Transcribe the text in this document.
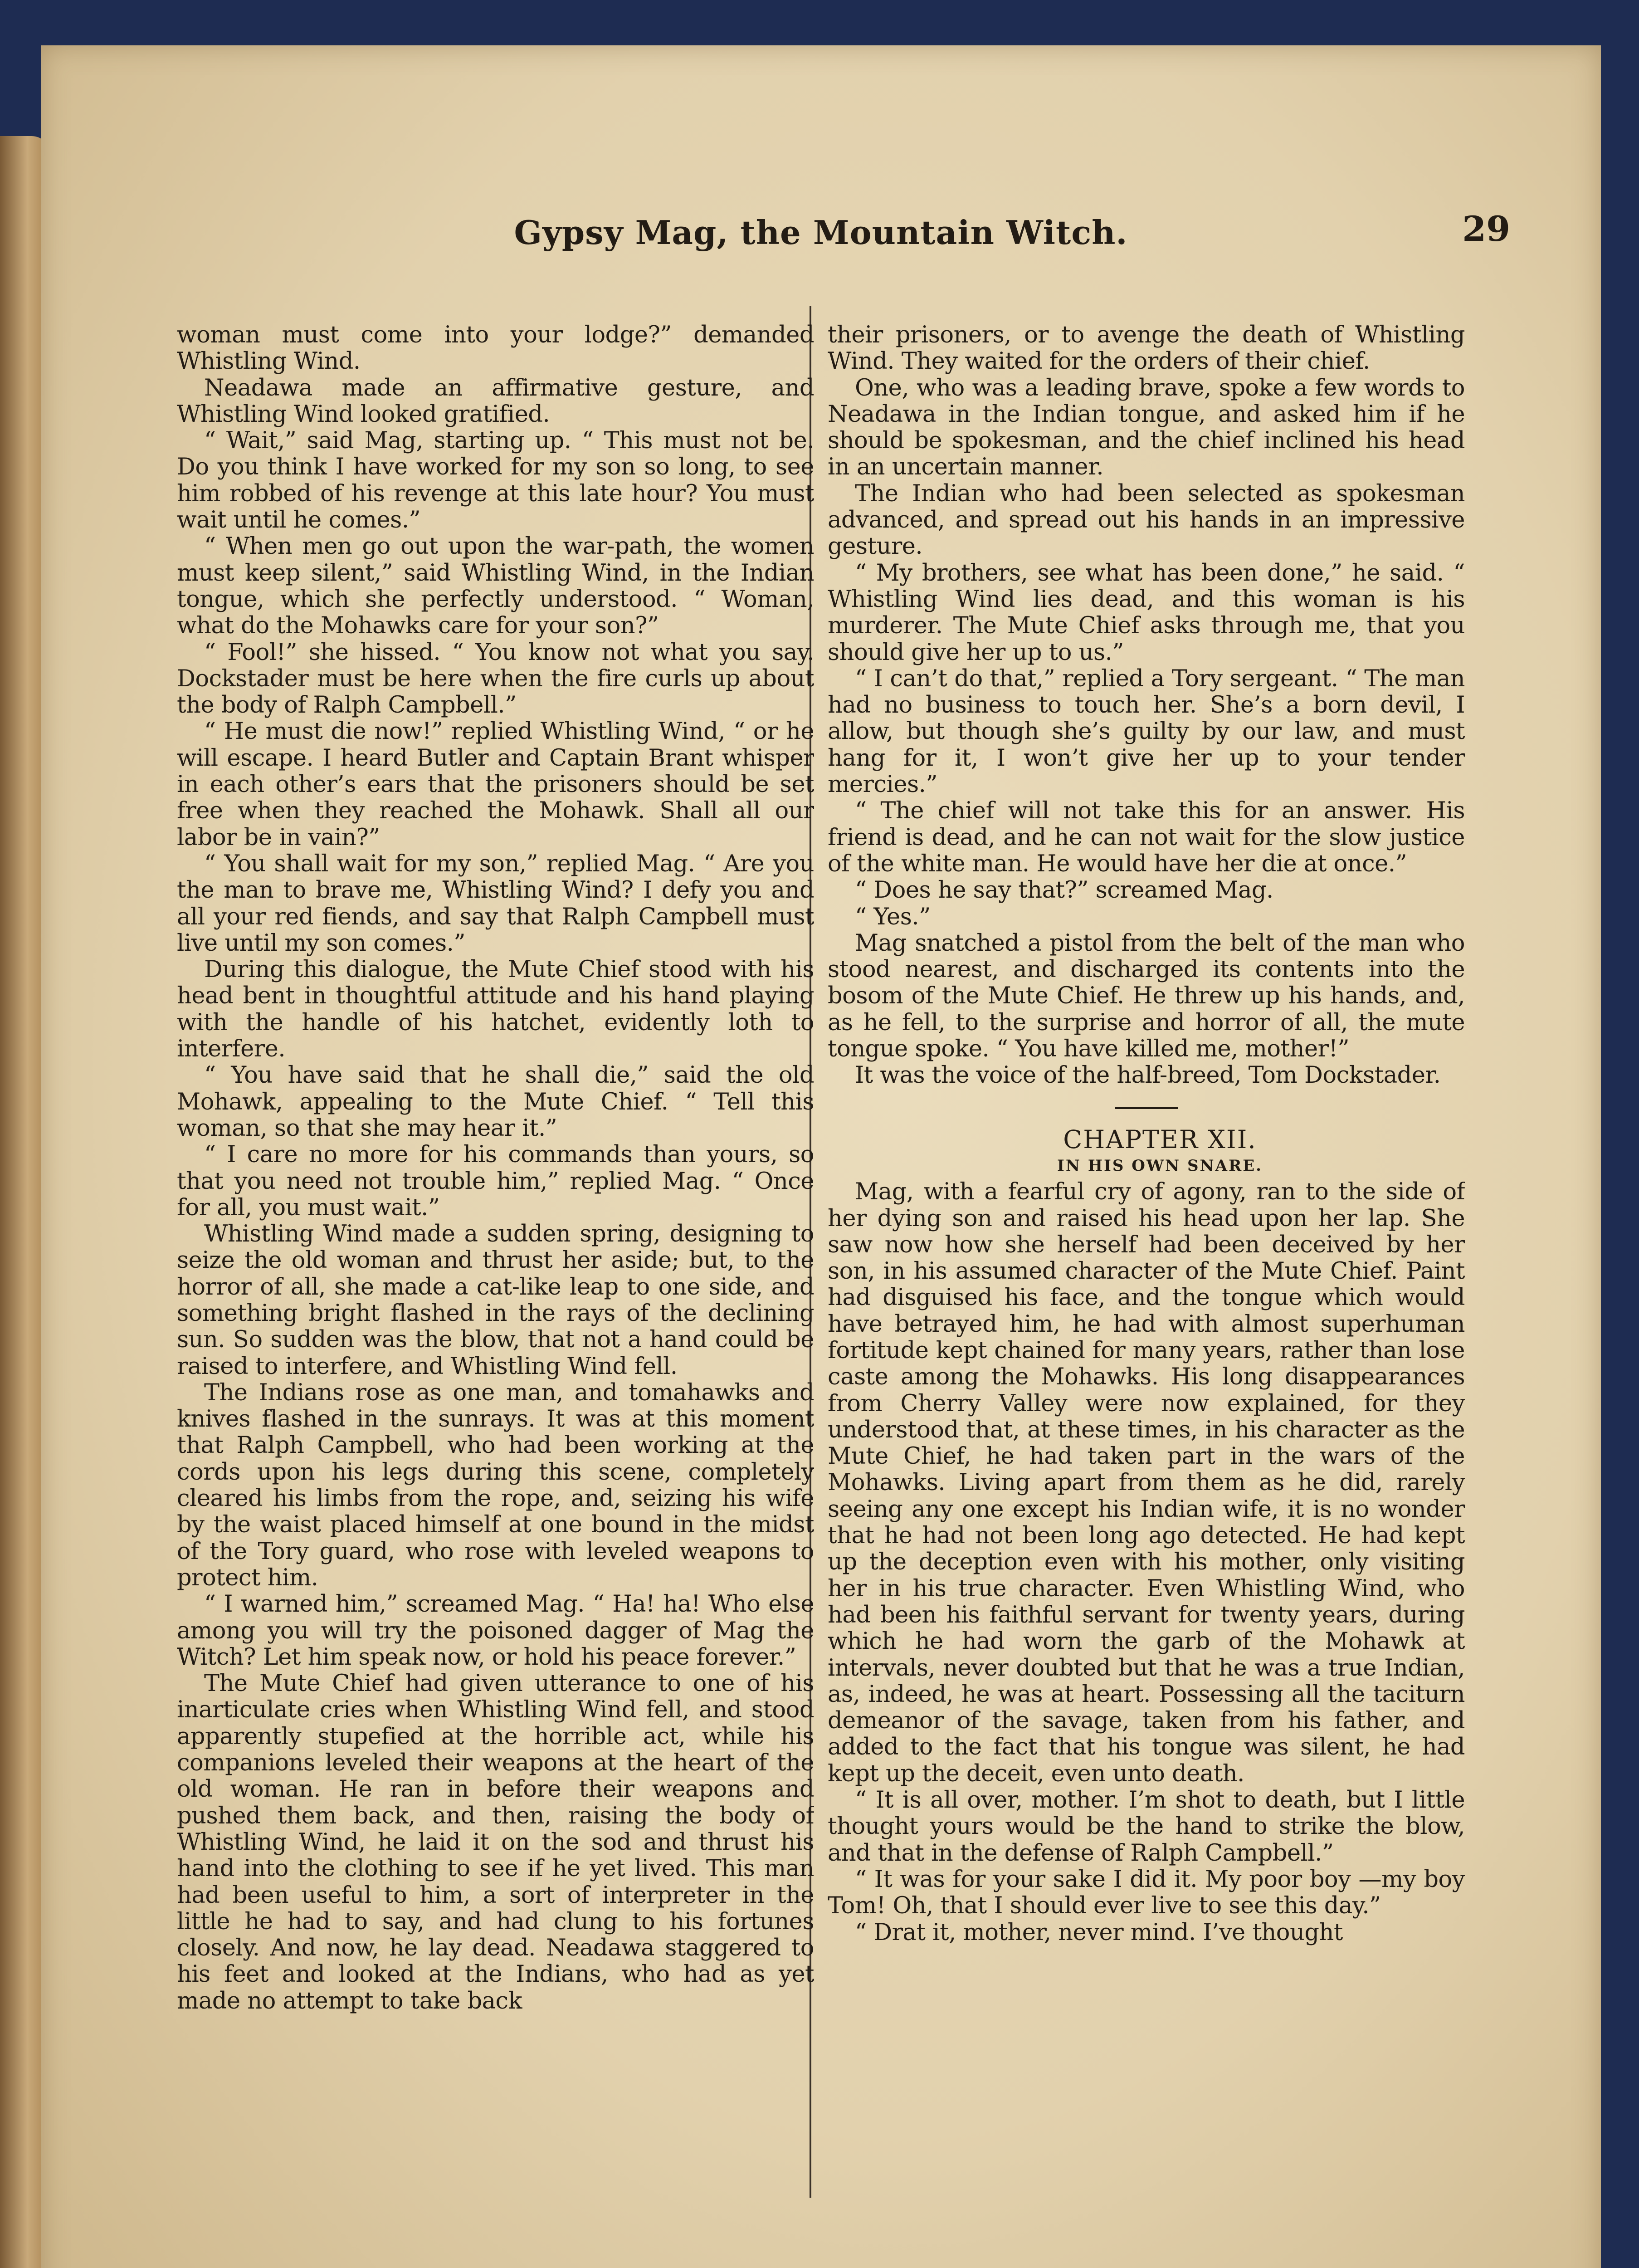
Gypsy Mag, the Mountain Witch.	29

woman must come into your lodge?” demanded Whistling Wind.

Neadawa made an affirmative gesture, and Whistling Wind looked gratified.

“ Wait,” said Mag, starting up. “ This must not be. Do you think I have worked for my son so long, to see him robbed of his revenge at this late hour? You must wait until he comes.”

“ When men go out upon the war-path, the women must keep silent,” said Whistling Wind, in the Indian tongue, which she perfectly understood. “ Woman, what do the Mohawks care for your son?”

“ Fool!” she hissed. “ You know not what you say. Dockstader must be here when the fire curls up about the body of Ralph Campbell.”

“ He must die now!” replied Whistling Wind, “ or he will escape. I heard Butler and Captain Brant whisper in each other’s ears that the prisoners should be set free when they reached the Mohawk. Shall all our labor be in vain?”

“ You shall wait for my son,” replied Mag. “ Are you the man to brave me, Whistling Wind? I defy you and all your red fiends, and say that Ralph Campbell must live until my son comes.”

During this dialogue, the Mute Chief stood with his head bent in thoughtful attitude and his hand playing with the handle of his hatchet, evidently loth to interfere.

“ You have said that he shall die,” said the old Mohawk, appealing to the Mute Chief. “ Tell this woman, so that she may hear it.”

“ I care no more for his commands than yours, so that you need not trouble him,” replied Mag. “ Once for all, you must wait.”

Whistling Wind made a sudden spring, designing to seize the old woman and thrust her aside; but, to the horror of all, she made a cat-like leap to one side, and something bright flashed in the rays of the declining sun. So sudden was the blow, that not a hand could be raised to interfere, and Whistling Wind fell.

The Indians rose as one man, and tomahawks and knives flashed in the sunrays. It was at this moment that Ralph Campbell, who had been working at the cords upon his legs during this scene, completely cleared his limbs from the rope, and, seizing his wife by the waist placed himself at one bound in the midst of the Tory guard, who rose with leveled weapons to protect him.

“ I warned him,” screamed Mag. “ Ha! ha! Who else among you will try the poisoned dagger of Mag the Witch? Let him speak now, or hold his peace forever.”

The Mute Chief had given utterance to one of his inarticulate cries when Whistling Wind fell, and stood apparently stupefied at the horrible act, while his companions leveled their weapons at the heart of the old woman. He ran in before their weapons and pushed them back, and then, raising the body of Whistling Wind, he laid it on the sod and thrust his hand into the clothing to see if he yet lived. This man had been useful to him, a sort of interpreter in the little he had to say, and had clung to his fortunes closely. And now, he lay dead. Neadawa staggered to his feet and looked at the Indians, who had as yet made no attempt to take back

their prisoners, or to avenge the death of Whistling Wind. They waited for the orders of their chief.

One, who was a leading brave, spoke a few words to Neadawa in the Indian tongue, and asked him if he should be spokesman, and the chief inclined his head in an uncertain manner.

The Indian who had been selected as spokesman advanced, and spread out his hands in an impressive gesture.

“ My brothers, see what has been done,” he said. “ Whistling Wind lies dead, and this woman is his murderer. The Mute Chief asks through me, that you should give her up to us.”

“ I can’t do that,” replied a Tory sergeant. “ The man had no business to touch her. She’s a born devil, I allow, but though she’s guilty by our law, and must hang for it, I won’t give her up to your tender mercies.”

“ The chief will not take this for an answer. His friend is dead, and he can not wait for the slow justice of the white man. He would have her die at once.”

“ Does he say that?” screamed Mag.

“ Yes.”

Mag snatched a pistol from the belt of the man who stood nearest, and discharged its contents into the bosom of the Mute Chief. He threw up his hands, and, as he fell, to the surprise and horror of all, the mute tongue spoke. “ You have killed me, mother!”

It was the voice of the half-breed, Tom Dockstader.

CHAPTER XII.

IN HIS OWN SNARE.

Mag, with a fearful cry of agony, ran to the side of her dying son and raised his head upon her lap. She saw now how she herself had been deceived by her son, in his assumed character of the Mute Chief. Paint had disguised his face, and the tongue which would have betrayed him, he had with almost superhuman fortitude kept chained for many years, rather than lose caste among the Mohawks. His long disappearances from Cherry Valley were now explained, for they understood that, at these times, in his character as the Mute Chief, he had taken part in the wars of the Mohawks. Living apart from them as he did, rarely seeing any one except his Indian wife, it is no wonder that he had not been long ago detected. He had kept up the deception even with his mother, only visiting her in his true character. Even Whistling Wind, who had been his faithful servant for twenty years, during which he had worn the garb of the Mohawk at intervals, never doubted but that he was a true Indian, as, indeed, he was at heart. Possessing all the taciturn demeanor of the savage, taken from his father, and added to the fact that his tongue was silent, he had kept up the deceit, even unto death.

“ It is all over, mother. I’m shot to death, but I little thought yours would be the hand to strike the blow, and that in the defense of Ralph Campbell.”

“ It was for your sake I did it. My poor boy —my boy Tom! Oh, that I should ever live to see this day.”

“ Drat it, mother, never mind. I’ve thought
